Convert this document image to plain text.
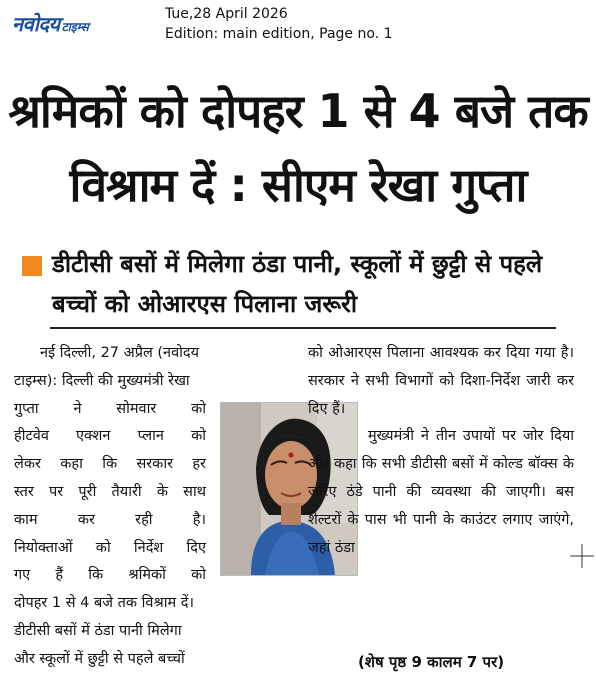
नवोदय टाइम्स
Tue,28 April 2026
Edition: main edition, Page no. 1
श्रमिकों को दोपहर 1 से 4 बजे तक
विश्राम दें : सीएम रेखा गुप्ता
डीटीसी बसों में मिलेगा ठंडा पानी, स्कूलों में छुट्टी से पहले बच्चों को ओआरएस पिलाना जरूरी
नई दिल्ली, 27 अप्रैल (नवोदय
टाइम्स): दिल्ली की मुख्यमंत्री रेखा
गुप्ता ने सोमवार को
हीटवेव एक्शन प्लान को
लेकर कहा कि सरकार हर
स्तर पर पूरी तैयारी के साथ
काम कर रही है।
नियोक्ताओं को निर्देश दिए
गए हैं कि श्रमिकों को
दोपहर 1 से 4 बजे तक विश्राम दें।
डीटीसी बसों में ठंडा पानी मिलेगा
और स्कूलों में छुट्टी से पहले बच्चों

को ओआरएस पिलाना आवश्यक कर दिया गया है। सरकार ने सभी विभागों को दिशा-निर्देश जारी कर दिए हैं।

मुख्यमंत्री ने तीन उपायों पर जोर दिया और कहा कि सभी डीटीसी बसों में कोल्ड बॉक्स के जरिए ठंडे पानी की व्यवस्था की जाएगी। बस शेल्टरों के पास भी पानी के काउंटर लगाए जाएंगे, जहां ठंडा

(शेष पृष्ठ 9 कालम 7 पर)
